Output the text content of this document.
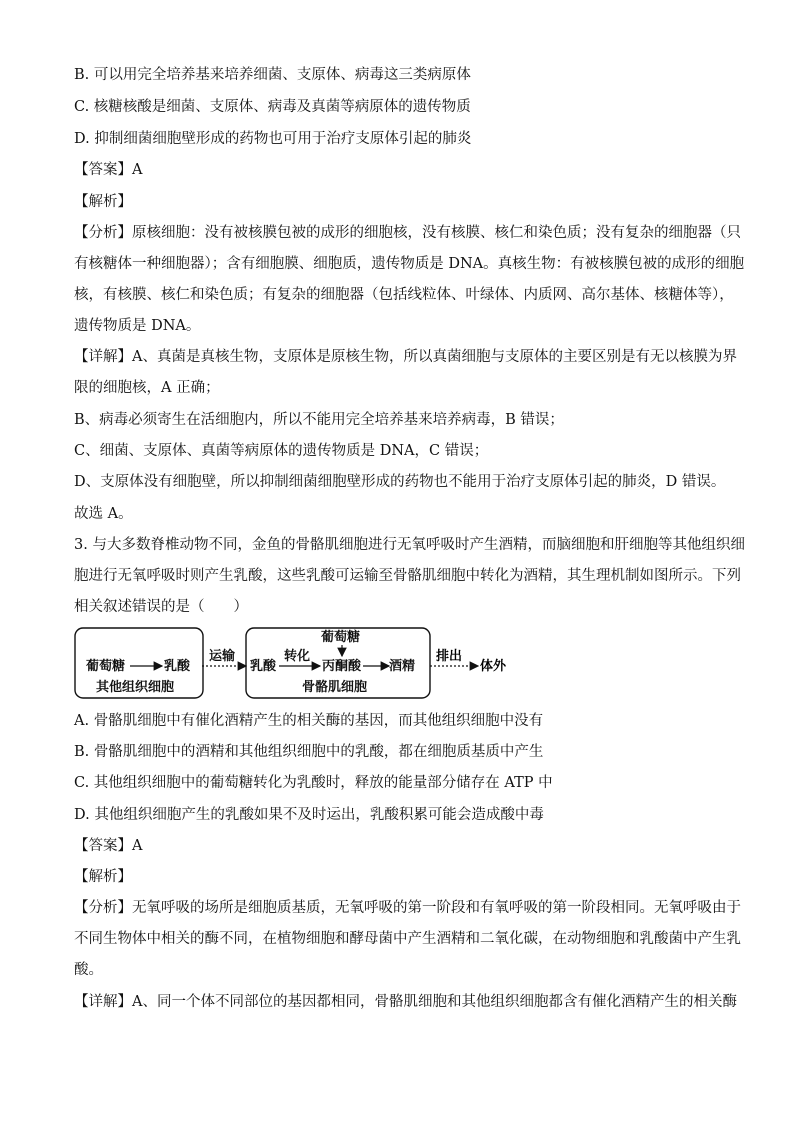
B. 可以用完全培养基来培养细菌、支原体、病毒这三类病原体
C. 核糖核酸是细菌、支原体、病毒及真菌等病原体的遗传物质
D. 抑制细菌细胞壁形成的药物也可用于治疗支原体引起的肺炎
【答案】A
【解析】
【分析】原核细胞：没有被核膜包被的成形的细胞核，没有核膜、核仁和染色质；没有复杂的细胞器（只
有核糖体一种细胞器）；含有细胞膜、细胞质，遗传物质是 DNA。真核生物：有被核膜包被的成形的细胞
核，有核膜、核仁和染色质；有复杂的细胞器（包括线粒体、叶绿体、内质网、高尔基体、核糖体等），
遗传物质是 DNA。
【详解】A、真菌是真核生物，支原体是原核生物，所以真菌细胞与支原体的主要区别是有无以核膜为界
限的细胞核，A 正确；
B、病毒必须寄生在活细胞内，所以不能用完全培养基来培养病毒，B 错误；
C、细菌、支原体、真菌等病原体的遗传物质是 DNA，C 错误；
D、支原体没有细胞壁，所以抑制细菌细胞壁形成的药物也不能用于治疗支原体引起的肺炎，D 错误。
故选 A。
3. 与大多数脊椎动物不同，金鱼的骨骼肌细胞进行无氧呼吸时产生酒精，而脑细胞和肝细胞等其他组织细
胞进行无氧呼吸时则产生乳酸，这些乳酸可运输至骨骼肌细胞中转化为酒精，其生理机制如图所示。下列
相关叙述错误的是（　　）
葡萄糖	乳酸
其他组织细胞
运输
乳酸
转化
葡萄糖
丙酮酸 酒精
骨骼肌细胞
排出
体外
A. 骨骼肌细胞中有催化酒精产生的相关酶的基因，而其他组织细胞中没有
B. 骨骼肌细胞中的酒精和其他组织细胞中的乳酸，都在细胞质基质中产生
C. 其他组织细胞中的葡萄糖转化为乳酸时，释放的能量部分储存在 ATP 中
D. 其他组织细胞产生的乳酸如果不及时运出，乳酸积累可能会造成酸中毒
【答案】A
【解析】
【分析】无氧呼吸的场所是细胞质基质，无氧呼吸的第一阶段和有氧呼吸的第一阶段相同。无氧呼吸由于
不同生物体中相关的酶不同，在植物细胞和酵母菌中产生酒精和二氧化碳，在动物细胞和乳酸菌中产生乳
酸。
【详解】A、同一个体不同部位的基因都相同，骨骼肌细胞和其他组织细胞都含有催化酒精产生的相关酶
